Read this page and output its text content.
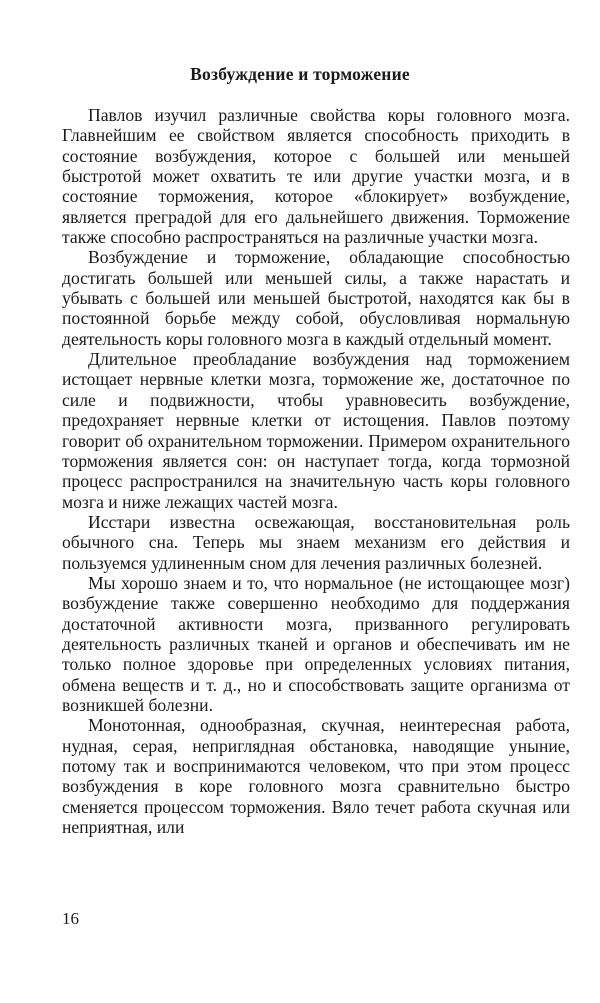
Возбуждение и торможение

Павлов изучил различные свойства коры головного мозга. Главнейшим ее свойством является способность приходить в состояние возбуждения, которое с большей или меньшей быстротой может охватить те или другие участки мозга, и в состояние торможения, которое «блокирует» возбуждение, является преградой для его дальнейшего движения. Торможение также способно распространяться на различные участки мозга.

Возбуждение и торможение, обладающие способностью достигать большей или меньшей силы, а также нарастать и убывать с большей или меньшей быстротой, находятся как бы в постоянной борьбе между собой, обусловливая нормальную деятельность коры головного мозга в каждый отдельный момент.

Длительное преобладание возбуждения над торможением истощает нервные клетки мозга, торможение же, достаточное по силе и подвижности, чтобы уравновесить возбуждение, предохраняет нервные клетки от истощения. Павлов поэтому говорит об охранительном торможении. Примером охранительного торможения является сон: он наступает тогда, когда тормозной процесс распространился на значительную часть коры головного мозга и ниже лежащих частей мозга.

Исстари известна освежающая, восстановительная роль обычного сна. Теперь мы знаем механизм его действия и пользуемся удлиненным сном для лечения различных болезней.

Мы хорошо знаем и то, что нормальное (не истощающее мозг) возбуждение также совершенно необходимо для поддержания достаточной активности мозга, призванного регулировать деятельность различных тканей и органов и обеспечивать им не только полное здоровье при определенных условиях питания, обмена веществ и т. д., но и способствовать защите организма от возникшей болезни.

Монотонная, однообразная, скучная, неинтересная работа, нудная, серая, неприглядная обстановка, наводящие уныние, потому так и воспринимаются человеком, что при этом процесс возбуждения в коре головного мозга сравнительно быстро сменяется процессом торможения. Вяло течет работа скучная или неприятная, или

16
